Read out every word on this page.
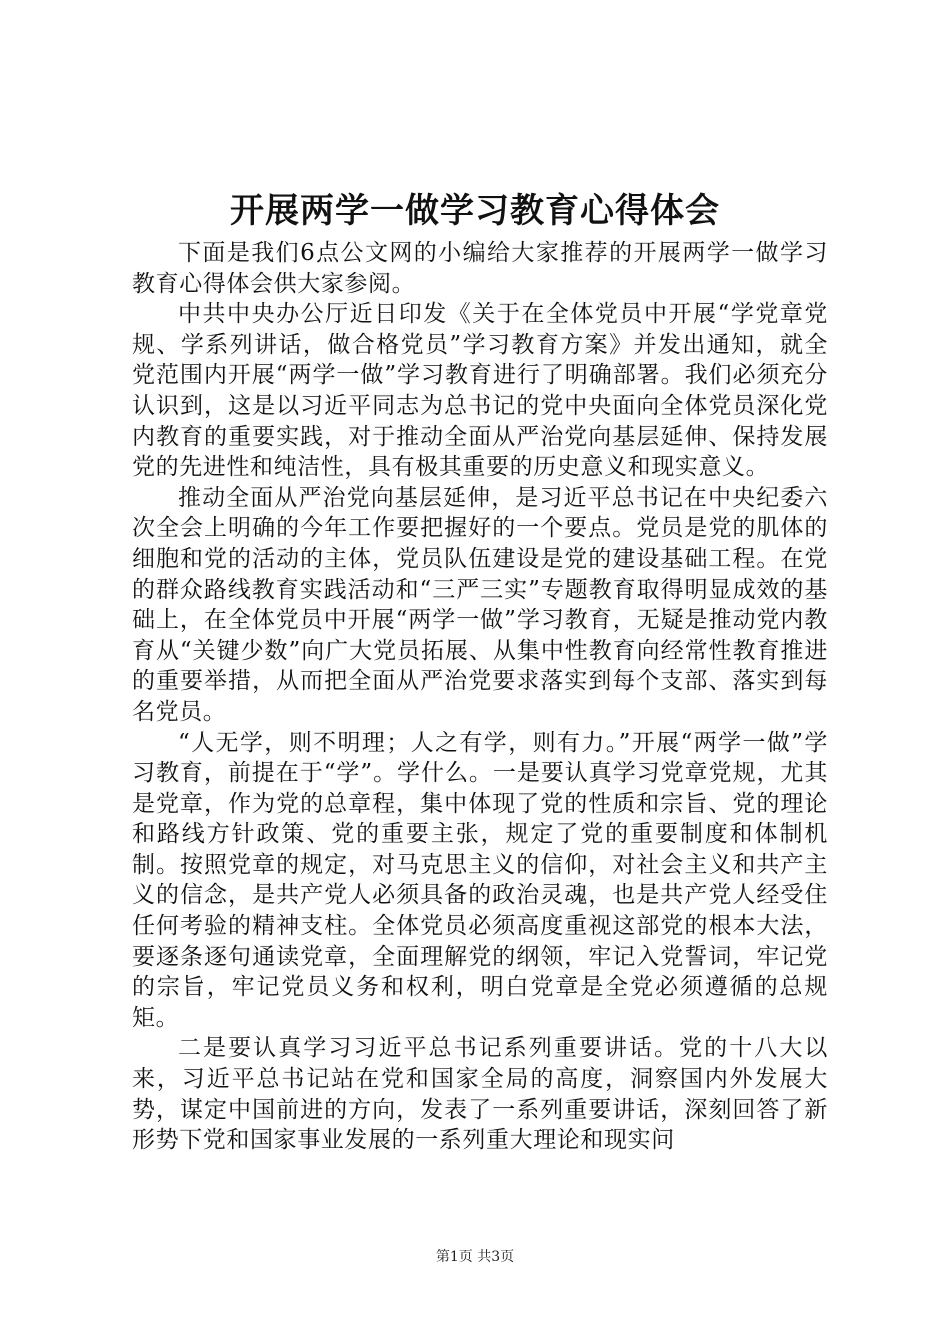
开展两学一做学习教育心得体会

下面是我们6点公文网的小编给大家推荐的开展两学一做学习教育心得体会供大家参阅。

中共中央办公厅近日印发《关于在全体党员中开展“学党章党规、学系列讲话，做合格党员”学习教育方案》并发出通知，就全党范围内开展“两学一做”学习教育进行了明确部署。我们必须充分认识到，这是以习近平同志为总书记的党中央面向全体党员深化党内教育的重要实践，对于推动全面从严治党向基层延伸、保持发展党的先进性和纯洁性，具有极其重要的历史意义和现实意义。

推动全面从严治党向基层延伸，是习近平总书记在中央纪委六次全会上明确的今年工作要把握好的一个要点。党员是党的肌体的细胞和党的活动的主体，党员队伍建设是党的建设基础工程。在党的群众路线教育实践活动和“三严三实”专题教育取得明显成效的基础上，在全体党员中开展“两学一做”学习教育，无疑是推动党内教育从“关键少数”向广大党员拓展、从集中性教育向经常性教育推进的重要举措，从而把全面从严治党要求落实到每个支部、落实到每名党员。

“人无学，则不明理；人之有学，则有力。”开展“两学一做”学习教育，前提在于“学”。学什么。一是要认真学习党章党规，尤其是党章，作为党的总章程，集中体现了党的性质和宗旨、党的理论和路线方针政策、党的重要主张，规定了党的重要制度和体制机制。按照党章的规定，对马克思主义的信仰，对社会主义和共产主义的信念，是共产党人必须具备的政治灵魂，也是共产党人经受住任何考验的精神支柱。全体党员必须高度重视这部党的根本大法，要逐条逐句通读党章，全面理解党的纲领，牢记入党誓词，牢记党的宗旨，牢记党员义务和权利，明白党章是全党必须遵循的总规矩。

二是要认真学习习近平总书记系列重要讲话。党的十八大以来，习近平总书记站在党和国家全局的高度，洞察国内外发展大势，谋定中国前进的方向，发表了一系列重要讲话，深刻回答了新形势下党和国家事业发展的一系列重大理论和现实问

第1页 共3页
